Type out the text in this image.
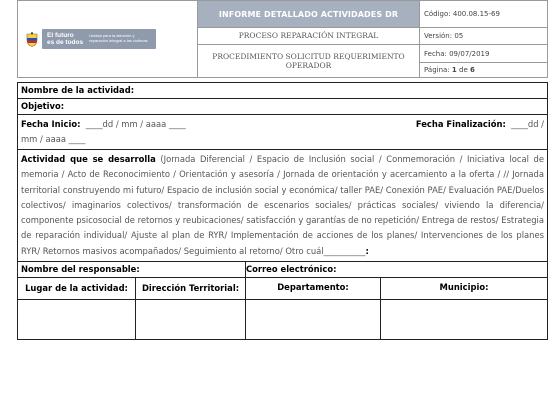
El futuro
es de todos
Unidad para la atención y reparación integral a las víctimas	INFORME DETALLADO ACTIVIDADES DR	Código: 400.08.15-69
	PROCESO REPARACIÓN INTEGRAL	Versión: 05
	PROCEDIMIENTO SOLICITUD REQUERIMIENTO OPERADOR	Fecha: 09/07/2019
		Página: 1 de 6
Nombre de la actividad:			
Objetivo:			

Fecha Inicio: ____dd / mm / aaaa ____ Fecha Finalización: ____dd /
mm / aaaa ____			

Actividad que se desarrolla (Jornada Diferencial / Espacio de Inclusión social / Conmemoración / Iniciativa local de memoria / Acto de Reconocimiento / Orientación y asesoría / Jornada de orientación y acercamiento a la oferta / // Jornada territorial construyendo mi futuro/ Espacio de inclusión social y económica/ taller PAE/ Conexión PAE/ Evaluación PAE/Duelos colectivos/ imaginarios colectivos/ transformación de escenarios sociales/ prácticas sociales/ viviendo la diferencia/ componente psicosocial de retornos y reubicaciones/ satisfacción y garantías de no repetición/ Entrega de restos/ Estrategia de reparación individual/ Ajuste al plan de RYR/ Implementación de acciones de los planes/ Intervenciones de los planes RYR/ Retornos masivos acompañados/ Seguimiento al retorno/ Otro cuál__________:			
Nombre del responsable:		Correo electrónico:	
Lugar de la actividad:	Dirección Territorial:	Departamento:	Municipio:
